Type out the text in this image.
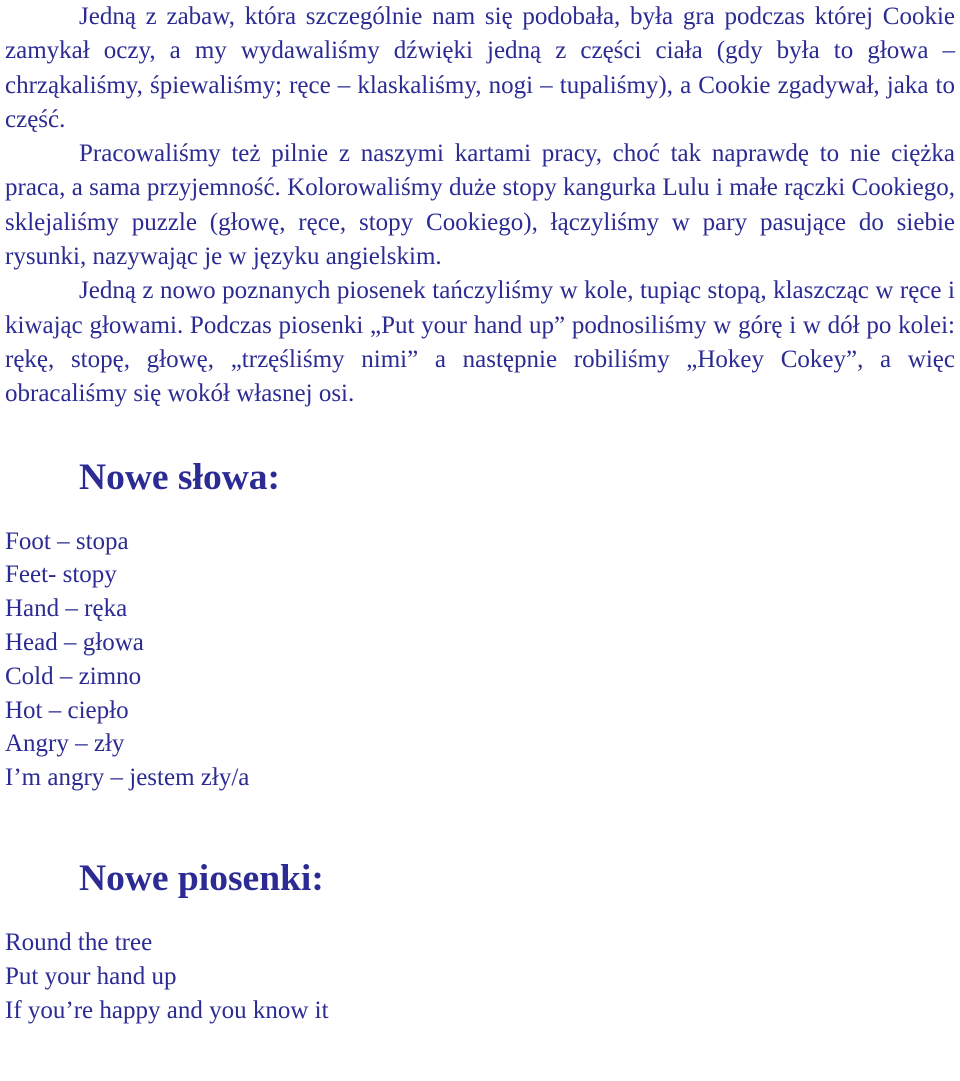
Jedną z zabaw, która szczególnie nam się podobała, była gra podczas której Cookie zamykał oczy, a my wydawaliśmy dźwięki jedną z części ciała (gdy była to głowa – chrząkaliśmy, śpiewaliśmy; ręce – klaskaliśmy, nogi – tupaliśmy), a Cookie zgadywał, jaka to część.

Pracowaliśmy też pilnie z naszymi kartami pracy, choć tak naprawdę to nie ciężka praca, a sama przyjemność. Kolorowaliśmy duże stopy kangurka Lulu i małe rączki Cookiego, sklejaliśmy puzzle (głowę, ręce, stopy Cookiego), łączyliśmy w pary pasujące do siebie rysunki, nazywając je w języku angielskim.

Jedną z nowo poznanych piosenek tańczyliśmy w kole, tupiąc stopą, klaszcząc w ręce i kiwając głowami. Podczas piosenki „Put your hand up” podnosiliśmy w górę i w dół po kolei: rękę, stopę, głowę, „trzęśliśmy nimi” a następnie robiliśmy „Hokey Cokey”, a więc obracaliśmy się wokół własnej osi.

Nowe słowa:
Foot – stopa
Feet- stopy
Hand – ręka
Head – głowa
Cold – zimno
Hot – ciepło
Angry – zły
I’m angry – jestem zły/a
Nowe piosenki:
Round the tree
Put your hand up
If you’re happy and you know it
